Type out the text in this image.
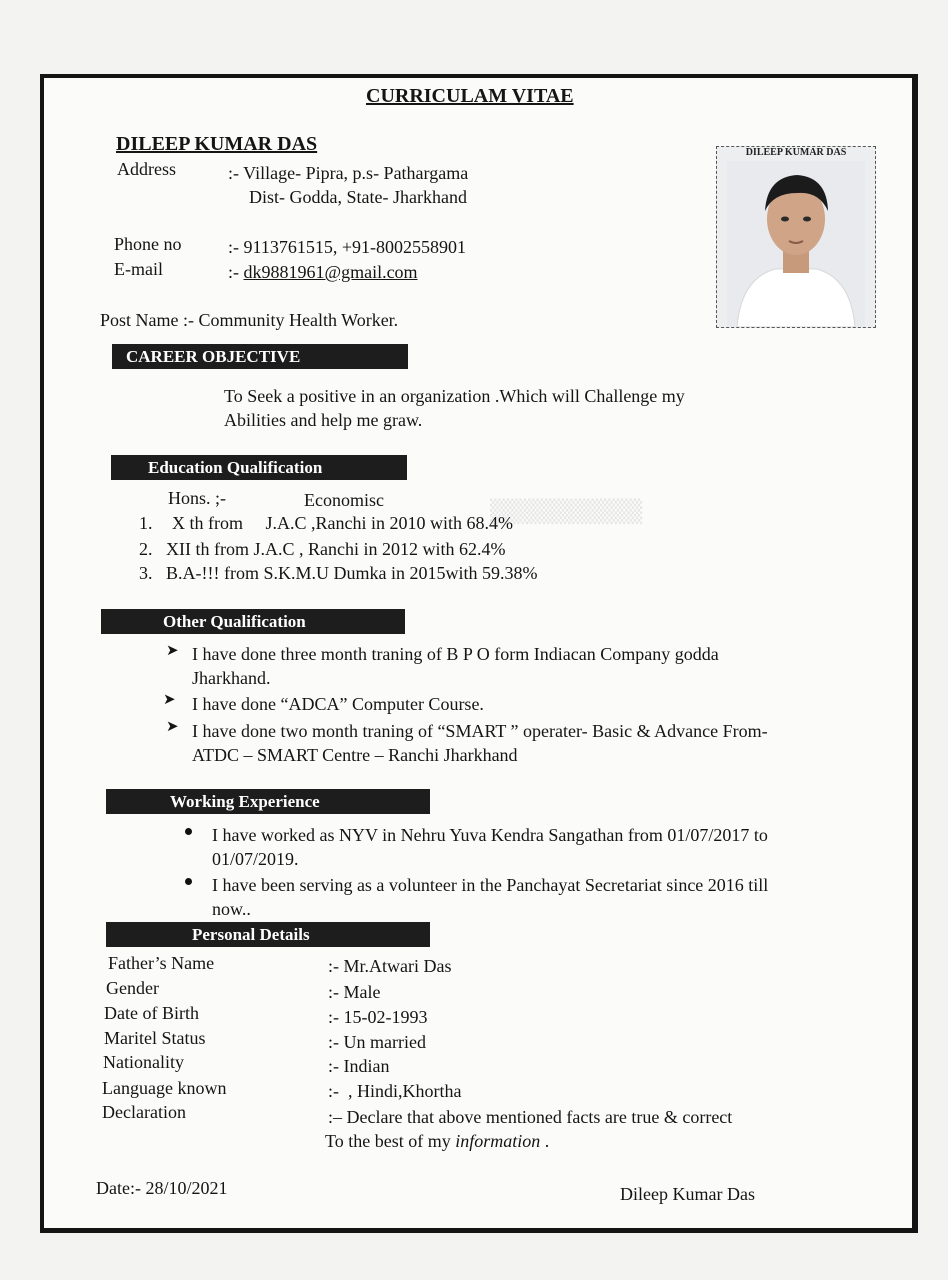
▒▒▒▒▒▒▒▒▒
CURRICULAM VITAE
DILEEP KUMAR DAS
Address	:- Village- Pipra, p.s- Pathargama
Dist- Godda, State- Jharkhand
Phone no	:- 9113761515, +91-8002558901
E-mail	:- dk9881961@gmail.com
Post Name :- Community Health Worker.
DILEEP KUMAR DAS
CAREER OBJECTIVE
To Seek a positive in an organization .Which will Challenge my
Abilities and help me graw.
Education Qualification
Hons. ;-	Economisc
1. X th from     J.A.C ,Ranchi in 2010 with 68.4%
2. XII th from J.A.C , Ranchi in 2012 with 62.4%
3. B.A-!!! from S.K.M.U Dumka in 2015with 59.38%
Other Qualification
➤ I have done three month traning of B P O form Indiacan Company godda
Jharkhand.
➤ I have done “ADCA” Computer Course.
➤ I have done two month traning of “SMART ” operater- Basic & Advance From-
ATDC – SMART Centre – Ranchi Jharkhand
Working Experience
I have worked as NYV in Nehru Yuva Kendra Sangathan from 01/07/2017 to
01/07/2019.
I have been serving as a volunteer in the Panchayat Secretariat since 2016 till
now..
Personal Details
Father’s Name	:- Mr.Atwari Das
Gender	:- Male
Date of Birth	:- 15-02-1993
Maritel Status	:- Un married
Nationality	:- Indian
Language known	:-  , Hindi,Khortha
Declaration	:– Declare that above mentioned facts are true & correct
To the best of my information .
Date:- 28/10/2021	Dileep Kumar Das
